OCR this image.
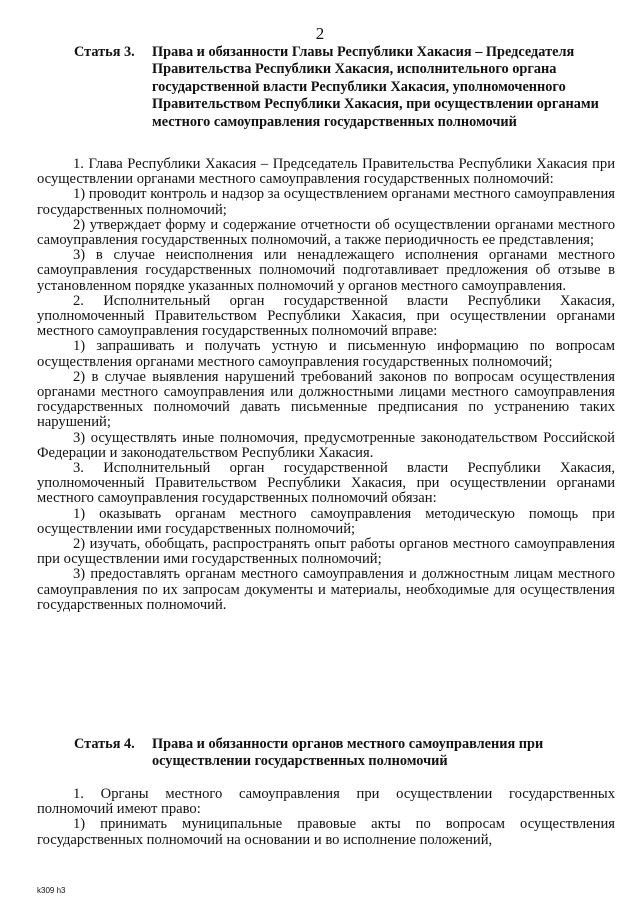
2
Статья 3. Права и обязанности Главы Республики Хакасия – Председателя Правительства Республики Хакасия, исполнительного органа государственной власти Республики Хакасия, уполномоченного Правительством Республики Хакасия, при осуществлении органами местного самоуправления государственных полномочий

1. Глава Республики Хакасия – Председатель Правительства Республики Хакасия при осуществлении органами местного самоуправления государственных полномочий:

1) проводит контроль и надзор за осуществлением органами местного самоуправления государственных полномочий;

2) утверждает форму и содержание отчетности об осуществлении органами местного самоуправления государственных полномочий, а также периодичность ее представления;

3) в случае неисполнения или ненадлежащего исполнения органами местного самоуправления государственных полномочий подготавливает предложения об отзыве в установленном порядке указанных полномочий у органов местного самоуправления.

2. Исполнительный орган государственной власти Республики Хакасия, уполномоченный Правительством Республики Хакасия, при осуществлении органами местного самоуправления государственных полномочий вправе:

1) запрашивать и получать устную и письменную информацию по вопросам осуществления органами местного самоуправления государственных полномочий;

2) в случае выявления нарушений требований законов по вопросам осуществления органами местного самоуправления или должностными лицами местного самоуправления государственных полномочий давать письменные предписания по устранению таких нарушений;

3) осуществлять иные полномочия, предусмотренные законодательством Российской Федерации и законодательством Республики Хакасия.

3. Исполнительный орган государственной власти Республики Хакасия, уполномоченный Правительством Республики Хакасия, при осуществлении органами местного самоуправления государственных полномочий обязан:

1) оказывать органам местного самоуправления методическую помощь при осуществлении ими государственных полномочий;

2) изучать, обобщать, распространять опыт работы органов местного самоуправления при осуществлении ими государственных полномочий;

3) предоставлять органам местного самоуправления и должностным лицам местного самоуправления по их запросам документы и материалы, необходимые для осуществления государственных полномочий.

Статья 4. Права и обязанности органов местного самоуправления при осуществлении государственных полномочий

1. Органы местного самоуправления при осуществлении государственных полномочий имеют право:

1) принимать муниципальные правовые акты по вопросам осуществления государственных полномочий на основании и во исполнение положений,

k309 h3
